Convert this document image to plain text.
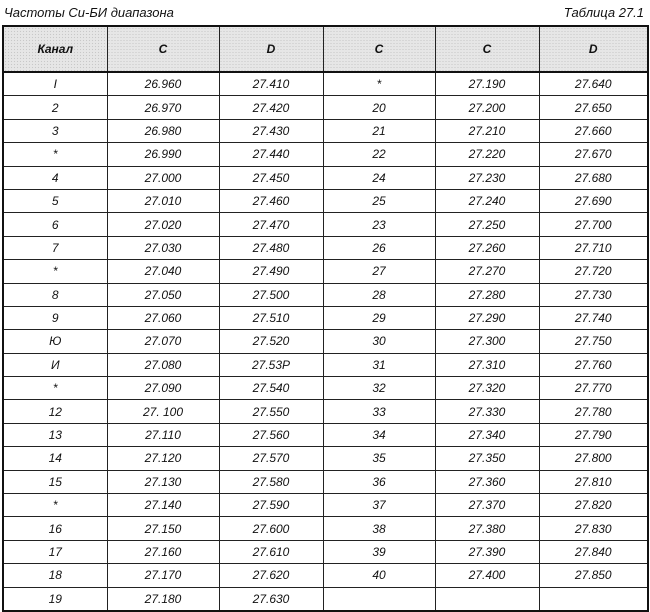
Частоты Си-БИ диапазона	Таблица 27.1
Канал	C	D	C	C	D
I	26.960	27.410	*	27.190	27.640
2	26.970	27.420	20	27.200	27.650
3	26.980	27.430	21	27.210	27.660
*	26.990	27.440	22	27.220	27.670
4	27.000	27.450	24	27.230	27.680
5	27.010	27.460	25	27.240	27.690
6	27.020	27.470	23	27.250	27.700
7	27.030	27.480	26	27.260	27.710
*	27.040	27.490	27	27.270	27.720
8	27.050	27.500	28	27.280	27.730
9	27.060	27.510	29	27.290	27.740
Ю	27.070	27.520	30	27.300	27.750
И	27.080	27.53P	31	27.310	27.760
*	27.090	27.540	32	27.320	27.770
12	27. 100	27.550	33	27.330	27.780
13	27.110	27.560	34	27.340	27.790
14	27.120	27.570	35	27.350	27.800
15	27.130	27.580	36	27.360	27.810
*	27.140	27.590	37	27.370	27.820
16	27.150	27.600	38	27.380	27.830
17	27.160	27.610	39	27.390	27.840
18	27.170	27.620	40	27.400	27.850
19	27.180	27.630			
